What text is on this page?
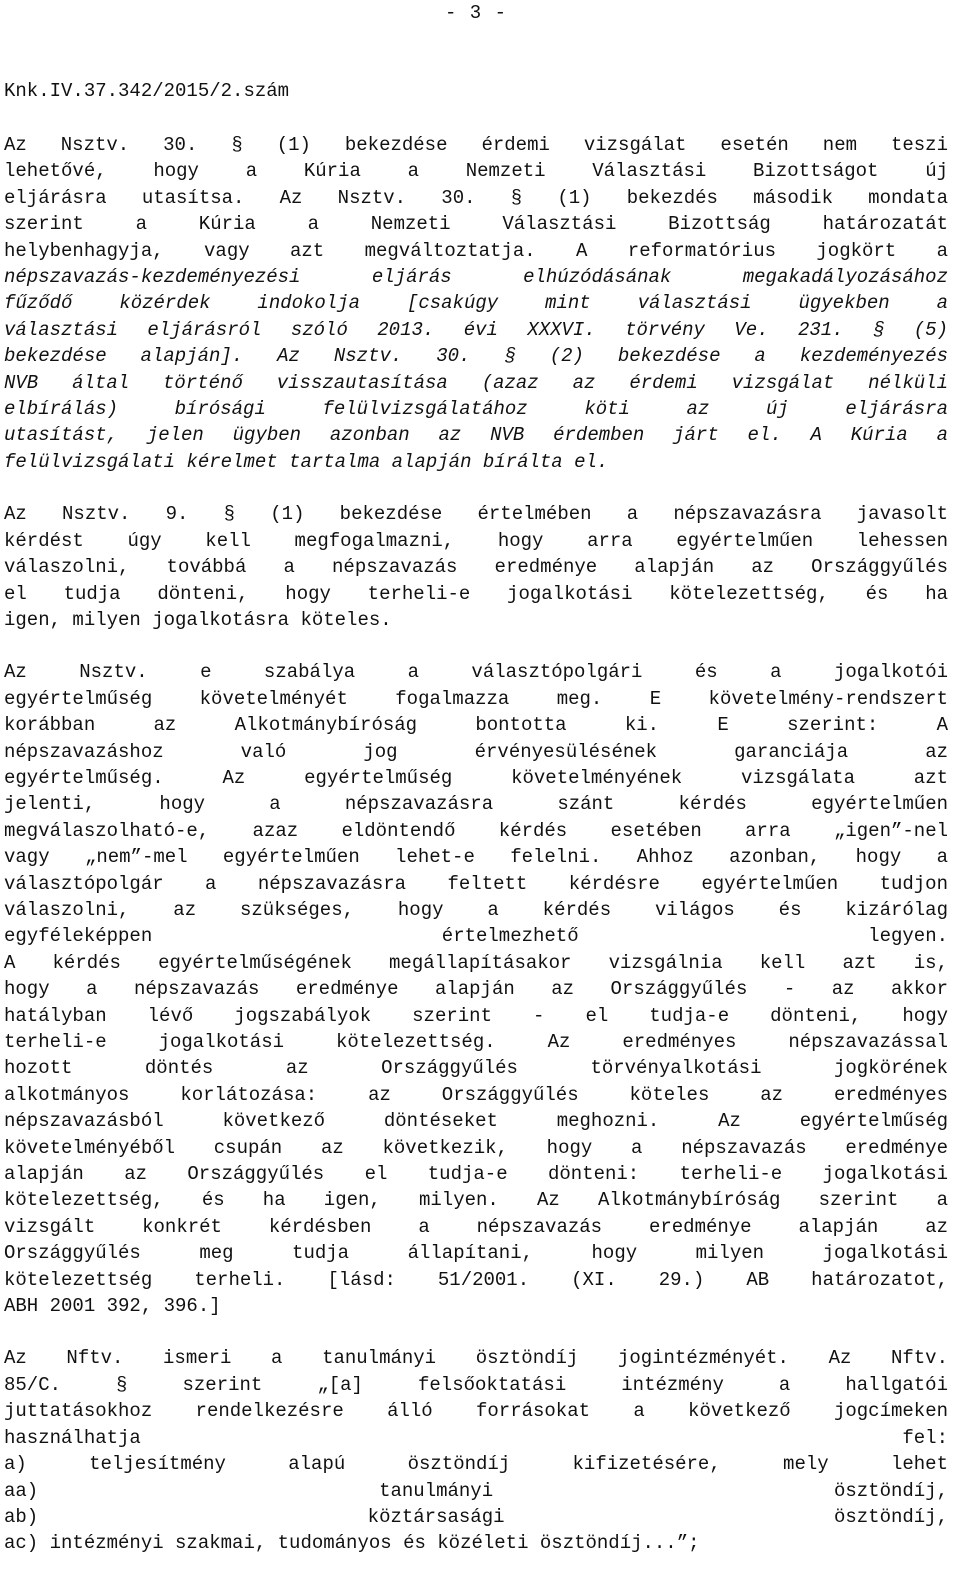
- 3 -
Knk.IV.37.342/2015/2.szám
Az Nsztv. 30. § (1) bekezdése érdemi vizsgálat esetén nem teszi
lehetővé, hogy a Kúria a Nemzeti Választási Bizottságot új
eljárásra utasítsa. Az Nsztv. 30. § (1) bekezdés második mondata
szerint a Kúria a Nemzeti Választási Bizottság határozatát
helybenhagyja, vagy azt megváltoztatja. A reformatórius jogkört a
népszavazás-kezdeményezési eljárás elhúzódásának megakadályozásához
fűződő közérdek indokolja [csakúgy mint választási ügyekben a
választási eljárásról szóló 2013. évi XXXVI. törvény Ve. 231. § (5)
bekezdése alapján]. Az Nsztv. 30. § (2) bekezdése a kezdeményezés
NVB által történő visszautasítása (azaz az érdemi vizsgálat nélküli
elbírálás) bírósági felülvizsgálatához köti az új eljárásra
utasítást, jelen ügyben azonban az NVB érdemben járt el. A Kúria a
felülvizsgálati kérelmet tartalma alapján bírálta el.
Az Nsztv. 9. § (1) bekezdése értelmében a népszavazásra javasolt
kérdést úgy kell megfogalmazni, hogy arra egyértelműen lehessen
válaszolni, továbbá a népszavazás eredménye alapján az Országgyűlés
el tudja dönteni, hogy terheli-e jogalkotási kötelezettség, és ha
igen, milyen jogalkotásra köteles.
Az Nsztv. e szabálya a választópolgári és a jogalkotói
egyértelműség követelményét fogalmazza meg. E követelmény-rendszert
korábban az Alkotmánybíróság bontotta ki. E szerint: A
népszavazáshoz való jog érvényesülésének garanciája az
egyértelműség. Az egyértelműség követelményének vizsgálata azt
jelenti, hogy a népszavazásra szánt kérdés egyértelműen
megválaszolható-e, azaz eldöntendő kérdés esetében arra „igen”-nel
vagy „nem”-mel egyértelműen lehet-e felelni. Ahhoz azonban, hogy a
választópolgár a népszavazásra feltett kérdésre egyértelműen tudjon
válaszolni, az szükséges, hogy a kérdés világos és kizárólag
egyféleképpen értelmezhető legyen.
A kérdés egyértelműségének megállapításakor vizsgálnia kell azt is,
hogy a népszavazás eredménye alapján az Országgyűlés - az akkor
hatályban lévő jogszabályok szerint - el tudja-e dönteni, hogy
terheli-e jogalkotási kötelezettség. Az eredményes népszavazással
hozott döntés az Országgyűlés törvényalkotási jogkörének
alkotmányos korlátozása: az Országgyűlés köteles az eredményes
népszavazásból következő döntéseket meghozni. Az egyértelműség
követelményéből csupán az következik, hogy a népszavazás eredménye
alapján az Országgyűlés el tudja-e dönteni: terheli-e jogalkotási
kötelezettség, és ha igen, milyen. Az Alkotmánybíróság szerint a
vizsgált konkrét kérdésben a népszavazás eredménye alapján az
Országgyűlés meg tudja állapítani, hogy milyen jogalkotási
kötelezettség terheli. [lásd: 51/2001. (XI. 29.) AB határozatot,
ABH 2001 392, 396.]
Az Nftv. ismeri a tanulmányi ösztöndíj jogintézményét. Az Nftv.
85/C. § szerint „[a] felsőoktatási intézmény a hallgatói
juttatásokhoz rendelkezésre álló forrásokat a következő jogcímeken
használhatja fel:
a) teljesítmény alapú ösztöndíj kifizetésére, mely lehet
aa) tanulmányi ösztöndíj,
ab) köztársasági ösztöndíj,
ac) intézményi szakmai, tudományos és közéleti ösztöndíj...”;
